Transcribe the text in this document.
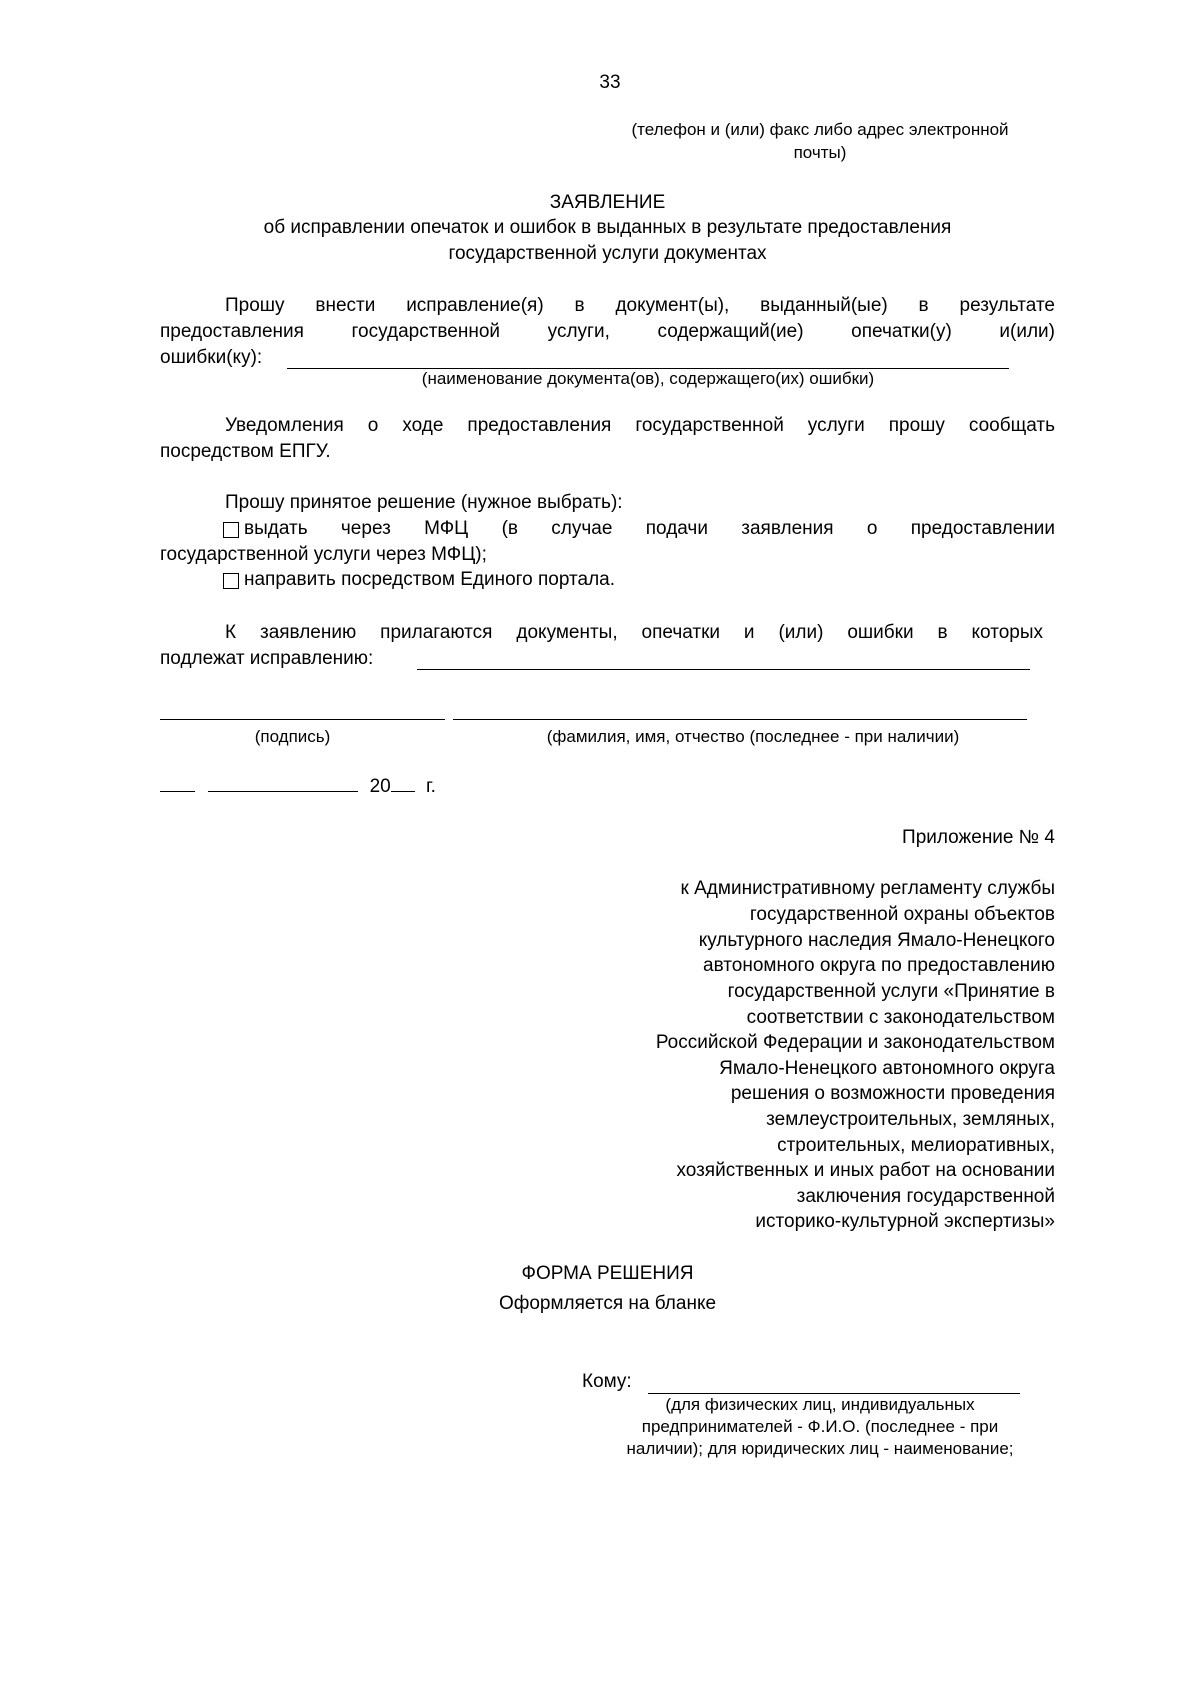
33
(телефон и (или) факс либо адрес электронной
почты)
ЗАЯВЛЕНИЕ
об исправлении опечаток и ошибок в выданных в результате предоставления
государственной услуги документах
Прошу внести исправление(я) в документ(ы), выданный(ые) в результате
предоставления государственной услуги, содержащий(ие) опечатки(у) и(или)
ошибки(ку):
(наименование документа(ов), содержащего(их) ошибки)
Уведомления о ходе предоставления государственной услуги прошу сообщать
посредством ЕПГУ.
Прошу принятое решение (нужное выбрать):
выдать через МФЦ (в случае подачи заявления о предоставлении
государственной услуги через МФЦ);
направить посредством Единого портала.
К заявлению прилагаются документы, опечатки и (или) ошибки в которых
подлежат исправлению:
(подпись)	(фамилия, имя, отчество (последнее - при наличии)
20 г.
Приложение № 4
к Административному регламенту службы
государственной охраны объектов
культурного наследия Ямало-Ненецкого
автономного округа по предоставлению
государственной услуги «Принятие в
соответствии с законодательством
Российской Федерации и законодательством
Ямало-Ненецкого автономного округа
решения о возможности проведения
землеустроительных, земляных,
строительных, мелиоративных,
хозяйственных и иных работ на основании
заключения государственной
историко-культурной экспертизы»
ФОРМА РЕШЕНИЯ
Оформляется на бланке
Кому:
(для физических лиц, индивидуальных
предпринимателей - Ф.И.О. (последнее - при
наличии); для юридических лиц - наименование;
